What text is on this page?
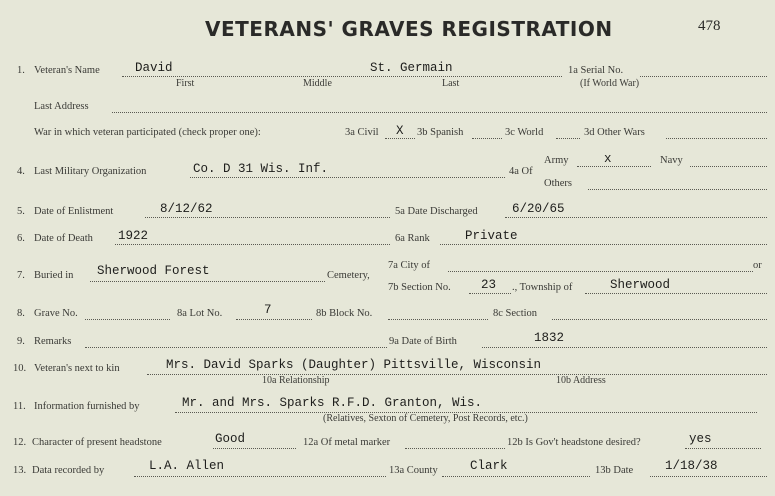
VETERANS' GRAVES REGISTRATION	478
1. Veteran's Name	David	St. Germain
First	Middle	Last
1a Serial No.
(If World War)
Last Address
War in which veteran participated (check proper one):	3a Civil X 3b Spanish	3c World	3d Other Wars
4. Last Military Organization	Co. D 31 Wis. Inf.	4a Of
Army	x	Navy
Others
5. Date of Enlistment	8/12/62	5a Date Discharged	6/20/65
6. Date of Death 1922	6a Rank	Private
7. Buried in Sherwood Forest	Cemetery,
7a City of	or
7b Section No. 23 ., Township of	Sherwood
8. Grave No.	8a Lot No.	7	8b Block No.	8c Section
9. Remarks	9a Date of Birth	1832
10. Veteran's next to kin	Mrs. David Sparks (Daughter) Pittsville, Wisconsin
10a Relationship	10b Address
11. Information furnished by	Mr. and Mrs. Sparks R.F.D. Granton, Wis.
(Relatives, Sexton of Cemetery, Post Records, etc.)
12. Character of present headstone	Good	12a Of metal marker	12b Is Gov't headstone desired?	yes
13. Data recorded by	L.A. Allen	13a County	Clark	13b Date	1/18/38
